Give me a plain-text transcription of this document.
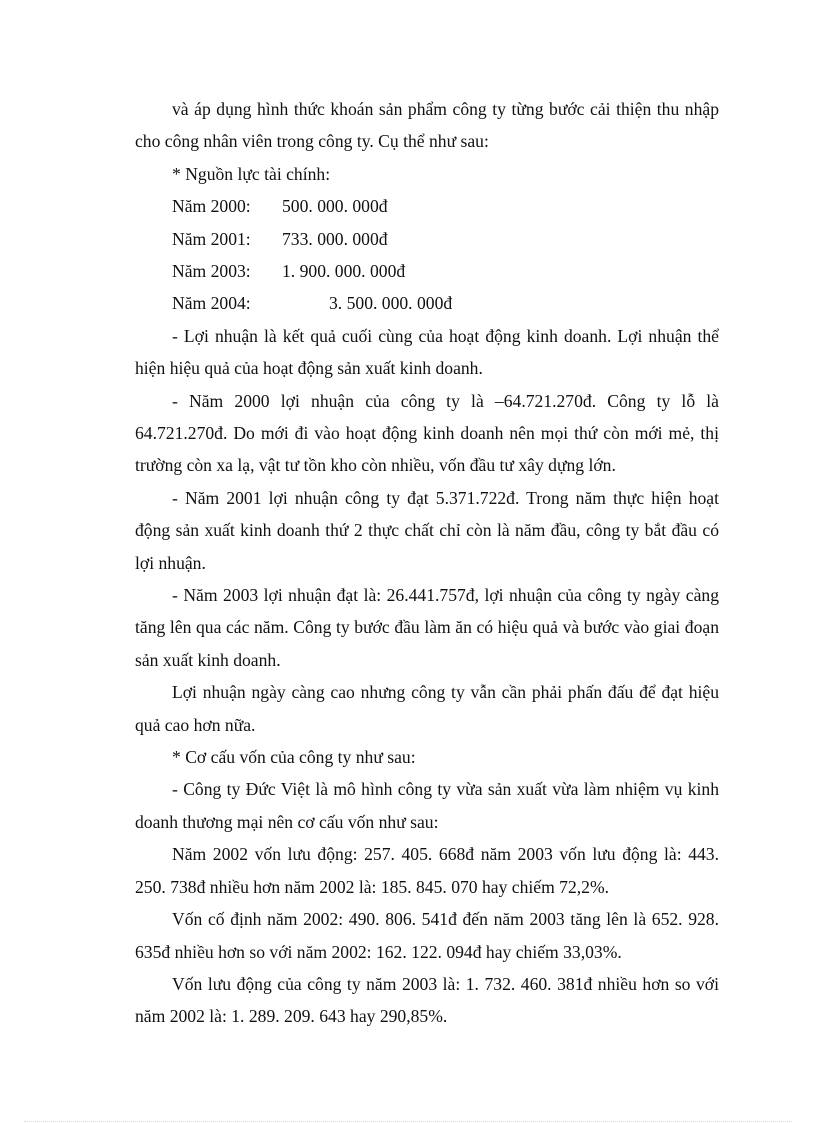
và áp dụng hình thức khoán sản phẩm công ty từng bước cải thiện thu nhập cho công nhân viên trong công ty. Cụ thể như sau:

* Nguồn lực tài chính:

Năm 2000: 500. 000. 000đ
Năm 2001: 733. 000. 000đ
Năm 2003: 1. 900. 000. 000đ
Năm 2004:	3. 500. 000. 000đ

- Lợi nhuận là kết quả cuối cùng của hoạt động kinh doanh. Lợi nhuận thể hiện hiệu quả của hoạt động sản xuất kinh doanh.

- Năm 2000 lợi nhuận của công ty là –64.721.270đ. Công ty lỗ là 64.721.270đ. Do mới đi vào hoạt động kinh doanh nên mọi thứ còn mới mẻ, thị trường còn xa lạ, vật tư tồn kho còn nhiều, vốn đầu tư xây dựng lớn.

- Năm 2001 lợi nhuận công ty đạt 5.371.722đ. Trong năm thực hiện hoạt động sản xuất kinh doanh thứ 2 thực chất chỉ còn là năm đầu, công ty bắt đầu có lợi nhuận.

- Năm 2003 lợi nhuận đạt là: 26.441.757đ, lợi nhuận của công ty ngày càng tăng lên qua các năm. Công ty bước đầu làm ăn có hiệu quả và bước vào giai đoạn sản xuất kinh doanh.

Lợi nhuận ngày càng cao nhưng công ty vẫn cần phải phấn đấu để đạt hiệu quả cao hơn nữa.

* Cơ cấu vốn của công ty như sau:

- Công ty Đức Việt là mô hình công ty vừa sản xuất vừa làm nhiệm vụ kinh doanh thương mại nên cơ cấu vốn như sau:

Năm 2002 vốn lưu động: 257. 405. 668đ năm 2003 vốn lưu động là: 443. 250. 738đ nhiều hơn năm 2002 là: 185. 845. 070 hay chiếm 72,2%.

Vốn cố định năm 2002: 490. 806. 541đ đến năm 2003 tăng lên là 652. 928. 635đ nhiều hơn so với năm 2002: 162. 122. 094đ hay chiếm 33,03%.

Vốn lưu động của công ty năm 2003 là: 1. 732. 460. 381đ nhiều hơn so với năm 2002 là: 1. 289. 209. 643 hay 290,85%.
